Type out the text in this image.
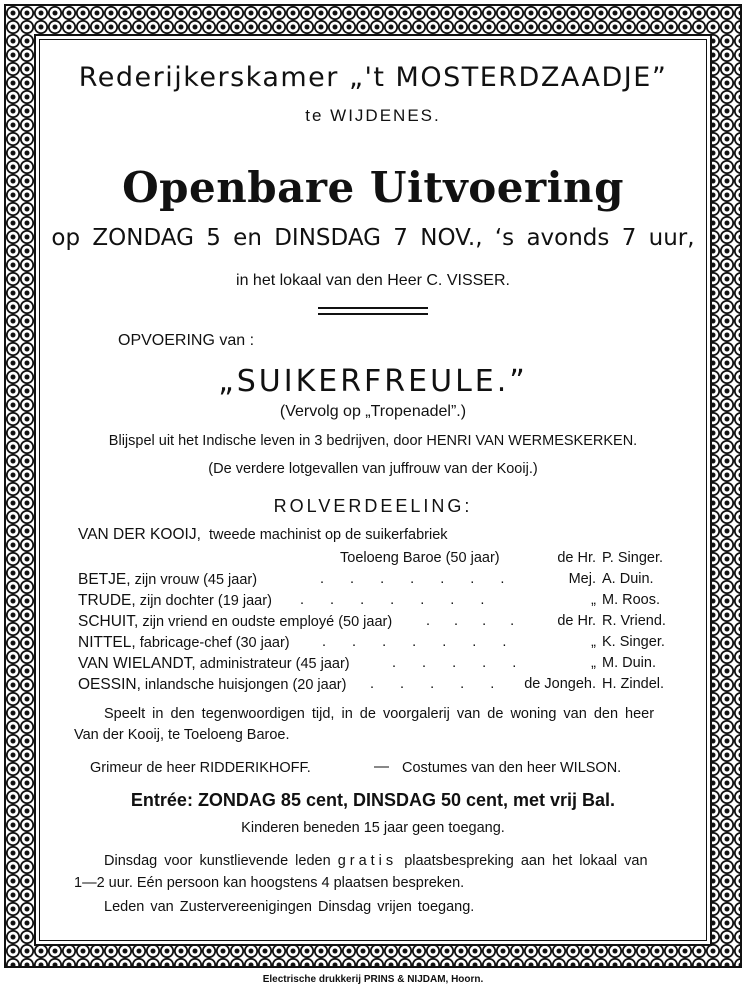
Rederijkerskamer „'t MOSTERDZAADJE”
te WIJDENES.
Openbare Uitvoering
op ZONDAG 5 en DINSDAG 7 NOV., ‘s avonds 7 uur,
in het lokaal van den Heer C. VISSER.
OPVOERING van :
„SUIKERFREULE.”
(Vervolg op „Tropenadel”.)
Blijspel uit het Indische leven in 3 bedrijven, door HENRI VAN WERMESKERKEN.
(De verdere lotgevallen van juffrouw van der Kooij.)
ROLVERDEELING:
VAN DER KOOIJ, tweede machinist op de suikerfabriek
Toeloeng Baroe (50 jaar)	de Hr. P. Singer.
BETJE, zijn vrouw (45 jaar)	. . . . . . .	Mej. A. Duin.
TRUDE, zijn dochter (19 jaar) . . . . . . .	„ M. Roos.
SCHUIT, zijn vriend en oudste employé (50 jaar) . . . .	de Hr. R. Vriend.
NITTEL, fabricage-chef (30 jaar) . . . . . . .	„ K. Singer.
VAN WIELANDT, administrateur (45 jaar)	. . . . .	„ M. Duin.
OESSIN, inlandsche huisjongen (20 jaar) . . . . .	de Jongeh. H. Zindel.
Speelt in den tegenwoordigen tijd, in de voorgalerij van de woning van den heer
Van der Kooij, te Toeloeng Baroe.
Grimeur de heer RIDDERIKHOFF.	— Costumes van den heer WILSON.
Entrée: ZONDAG 85 cent, DINSDAG 50 cent, met vrij Bal.
Kinderen beneden 15 jaar geen toegang.
Dinsdag voor kunstlievende leden gratis plaatsbespreking aan het lokaal van
1—2 uur. Eén persoon kan hoogstens 4 plaatsen bespreken.
Leden van Zustervereenigingen Dinsdag vrijen toegang.
Electrische drukkerij PRINS & NIJDAM, Hoorn.
